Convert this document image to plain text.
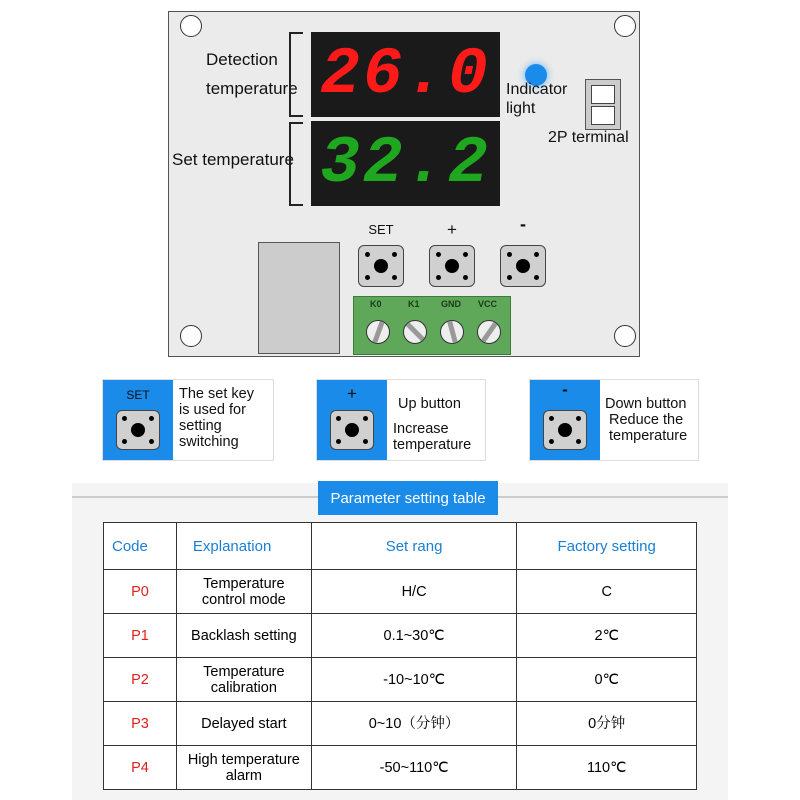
Detection
temperature
Set temperature
26.0
32.2
Indicator
light
2P terminal
SET	+	-
K0	K1 GND VCC
SET	The set key
is used for
setting
switching
+
Up button
Increase
temperature
-
Down button
Reduce the
temperature
Parameter setting table
Code	Explanation	Set rang	Factory setting
P0	Temperature control mode	H/C	C
P1	Backlash setting	0.1~30℃	2℃
P2	Temperature calibration	-10~10℃	0℃
P3	Delayed start	0~10（分钟）	0分钟
P4	High temperature alarm	-50~110℃	110℃
